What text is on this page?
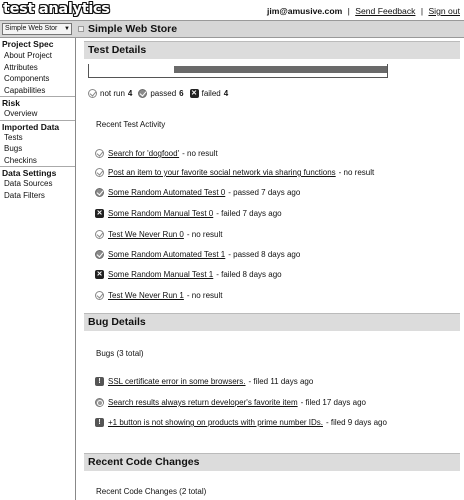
test analytics	jim@amusive.com | Send Feedback | Sign out
Simple Web Stor ▼ Simple Web Store
Project Spec
About Project
Attributes
Components
Capabilities
Risk
Overview
Imported Data
Tests
Bugs
Checkins
Data Settings
Data Sources
Data Filters
Test Details
not run 4 passed 6 ✕ failed 4
Recent Test Activity
Search for 'dogfood' - no result
Post an item to your favorite social network via sharing functions - no result
Some Random Automated Test 0 - passed 7 days ago
✕ Some Random Manual Test 0 - failed 7 days ago
Test We Never Run 0 - no result
Some Random Automated Test 1 - passed 8 days ago
✕ Some Random Manual Test 1 - failed 8 days ago
Test We Never Run 1 - no result
Bug Details
Bugs (3 total)
! SSL certificate error in some browsers. - filed 11 days ago
Search results always return developer's favorite item - filed 17 days ago
! +1 button is not showing on products with prime number IDs. - filed 9 days ago
Recent Code Changes
Recent Code Changes (2 total)
